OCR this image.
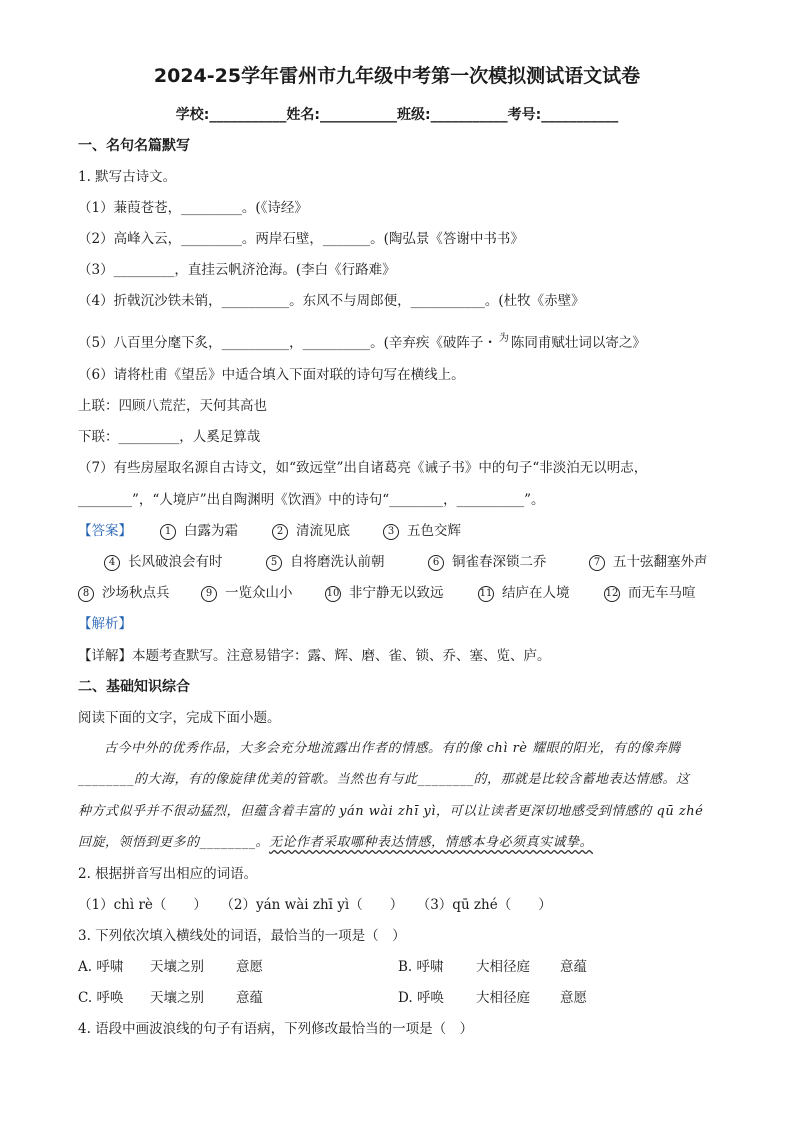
2024-25学年雷州市九年级中考第一次模拟测试语文试卷
学校:___________姓名:___________班级:___________考号:___________
一、名句名篇默写
1. 默写古诗文。
（1）蒹葭苍苍，_________。(《诗经》
（2）高峰入云，_________。两岸石壁，_______。(陶弘景《答谢中书书》
（3）_________，直挂云帆济沧海。(李白《行路难》
（4）折戟沉沙铁未销，__________。东风不与周郎便，___________。(杜牧《赤壁》
（5）八百里分麾下炙，__________，__________。(辛弃疾《破阵子・ $^为$ 陈同甫赋壮词以寄之》
（6）请将杜甫《望岳》中适合填入下面对联的诗句写在横线上。
上联：四顾八荒茫，天何其高也
下联：_________，人奚足算哉
（7）有些房屋取名源自古诗文，如“致远堂”出自诸葛亮《诫子书》中的句子“非淡泊无以明志，
________”，“人境庐”出自陶渊明《饮酒》中的诗句“________，__________”。
【答案】	1 白露为霜	2 清流见底	3 五色交辉
4 长风破浪会有时	5 自将磨洗认前朝	6 铜雀春深锁二乔	7 五十弦翻塞外声
8 沙场秋点兵	9 一览众山小	10 非宁静无以致远	11 结庐在人境	12 而无车马喧
【解析】
【详解】本题考查默写。注意易错字：露、辉、磨、雀、锁、乔、塞、览、庐。
二、基础知识综合
阅读下面的文字，完成下面小题。
古今中外的优秀作品，大多会充分地流露出作者的情感。有的像 chì rè 耀眼的阳光，有的像奔腾
________的大海，有的像旋律优美的管歌。当然也有与此________的，那就是比较含蓄地表达情感。这
种方式似乎并不很动猛烈，但蕴含着丰富的 yán wài zhī yì，可以让读者更深切地感受到情感的 qū zhé
回旋，领悟到更多的________。无论作者采取哪种表达情感，情感本身必须真实诚挚。
2. 根据拼音写出相应的词语。
（1）chì rè（　　）　　（2）yán wài zhī yì（　　）　　（3）qū zhé（　　）
3. 下列依次填入横线处的词语，最恰当的一项是（　）
A. 呼啸 天壤之别 意愿	B. 呼啸 大相径庭 意蕴
C. 呼唤 天壤之别 意蕴	D. 呼唤 大相径庭 意愿
4. 语段中画波浪线的句子有语病，下列修改最恰当的一项是（　）
